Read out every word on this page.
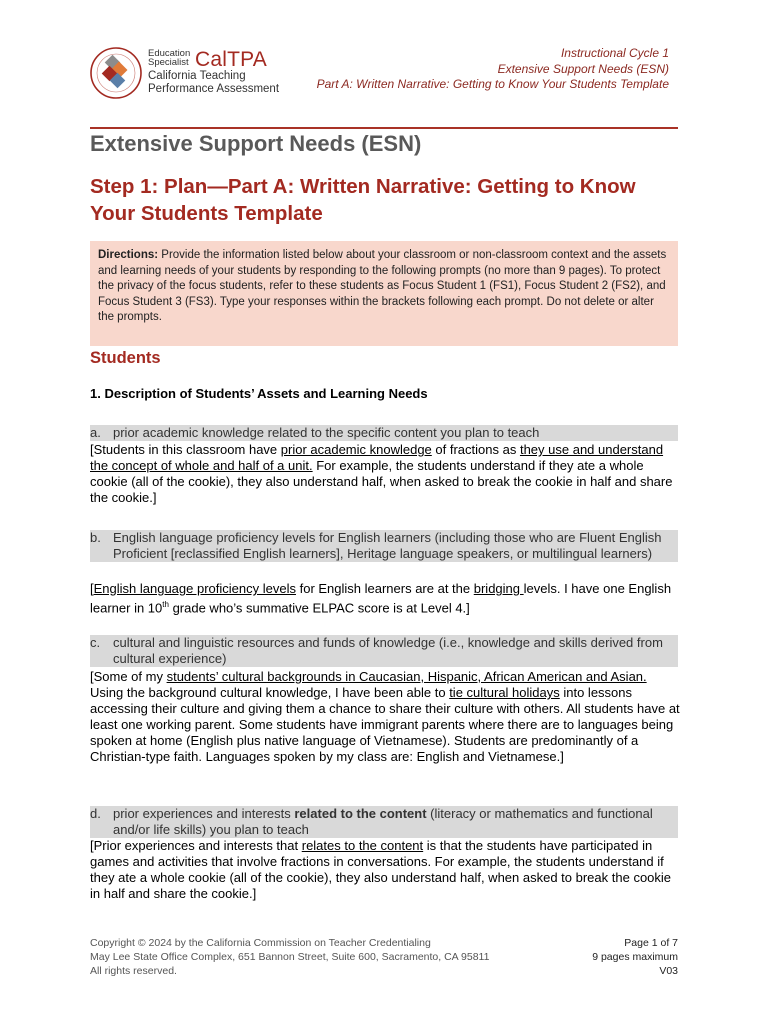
Education
Specialist CalTPA
California Teaching
Performance Assessment
Instructional Cycle 1
Extensive Support Needs (ESN)
Part A: Written Narrative: Getting to Know Your Students Template
Extensive Support Needs (ESN)
Step 1: Plan—Part A: Written Narrative: Getting to Know Your Students Template
Directions: Provide the information listed below about your classroom or non-classroom context and the assets and learning needs of your students by responding to the following prompts (no more than 9 pages). To protect the privacy of the focus students, refer to these students as Focus Student 1 (FS1), Focus Student 2 (FS2), and Focus Student 3 (FS3). Type your responses within the brackets following each prompt. Do not delete or alter the prompts.
Students
1. Description of Students’ Assets and Learning Needs
a. prior academic knowledge related to the specific content you plan to teach
[Students in this classroom have prior academic knowledge of fractions as they use and understand the concept of whole and half of a unit. For example, the students understand if they ate a whole cookie (all of the cookie), they also understand half, when asked to break the cookie in half and share the cookie.]
b. English language proficiency levels for English learners (including those who are Fluent English Proficient [reclassified English learners], Heritage language speakers, or multilingual learners)
[English language proficiency levels for English learners are at the bridging levels. I have one English learner in 10th grade who’s summative ELPAC score is at Level 4.]
c. cultural and linguistic resources and funds of knowledge (i.e., knowledge and skills derived from cultural experience)
[Some of my students’ cultural backgrounds in Caucasian, Hispanic, African American and Asian. Using the background cultural knowledge, I have been able to tie cultural holidays into lessons accessing their culture and giving them a chance to share their culture with others. All students have at least one working parent. Some students have immigrant parents where there are to languages being spoken at home (English plus native language of Vietnamese). Students are predominantly of a Christian-type faith. Languages spoken by my class are: English and Vietnamese.]
d. prior experiences and interests related to the content (literacy or mathematics and functional and/or life skills) you plan to teach
[Prior experiences and interests that relates to the content is that the students have participated in games and activities that involve fractions in conversations. For example, the students understand if they ate a whole cookie (all of the cookie), they also understand half, when asked to break the cookie in half and share the cookie.]
Copyright © 2024 by the California Commission on Teacher Credentialing
May Lee State Office Complex, 651 Bannon Street, Suite 600, Sacramento, CA 95811
All rights reserved.
Page 1 of 7
9 pages maximum
V03
